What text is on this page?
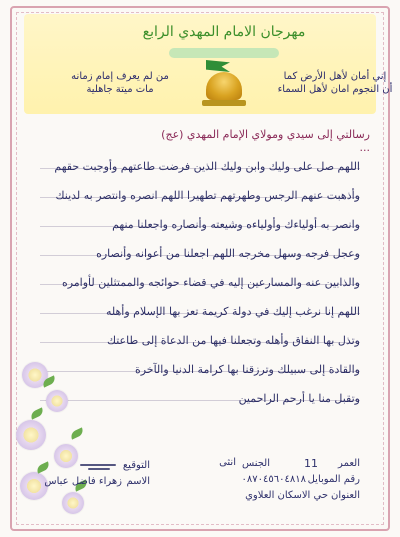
مهرجان الامام المهدي الرابع
من لم يعرف إمام زمانه
مات ميتة جاهلية
إني أمان لأهل الأرض كما
أن النجوم امان لأهل السماء
رسالتي إلى سيدي ومولاي الإمام المهدي (عج) ...

اللهم صل على وليك وابن وليك الذين فرضت طاعتهم وأوجبت حقهم

وأذهبت عنهم الرجس وطهرتهم تطهيرا اللهم انصره وانتصر به لدينك

وانصر به أولياءك وأولياءه وشيعته وأنصاره واجعلنا منهم

وعجل فرجه وسهل مخرجه اللهم اجعلنا من أعوانه وأنصاره

والذابين عنه والمسارعين إليه في قضاء حوائجه والممتثلين لأوامره

اللهم إنا نرغب إليك في دولة كريمة تعز بها الإسلام وأهله

وتذل بها النفاق وأهله وتجعلنا فيها من الدعاة إلى طاعتك

والقادة إلى سبيلك وترزقنا بها كرامة الدنيا والآخرة

وتقبل منا يا أرحم الراحمين

العمر
11
الجنس
انثى
رقم الموبايل
٠٨٧٠٤٥٦٠٤٨١٨
العنوان
حي الاسكان العلاوي
التوقيع
الاسم
زهراء فاضل عباس
